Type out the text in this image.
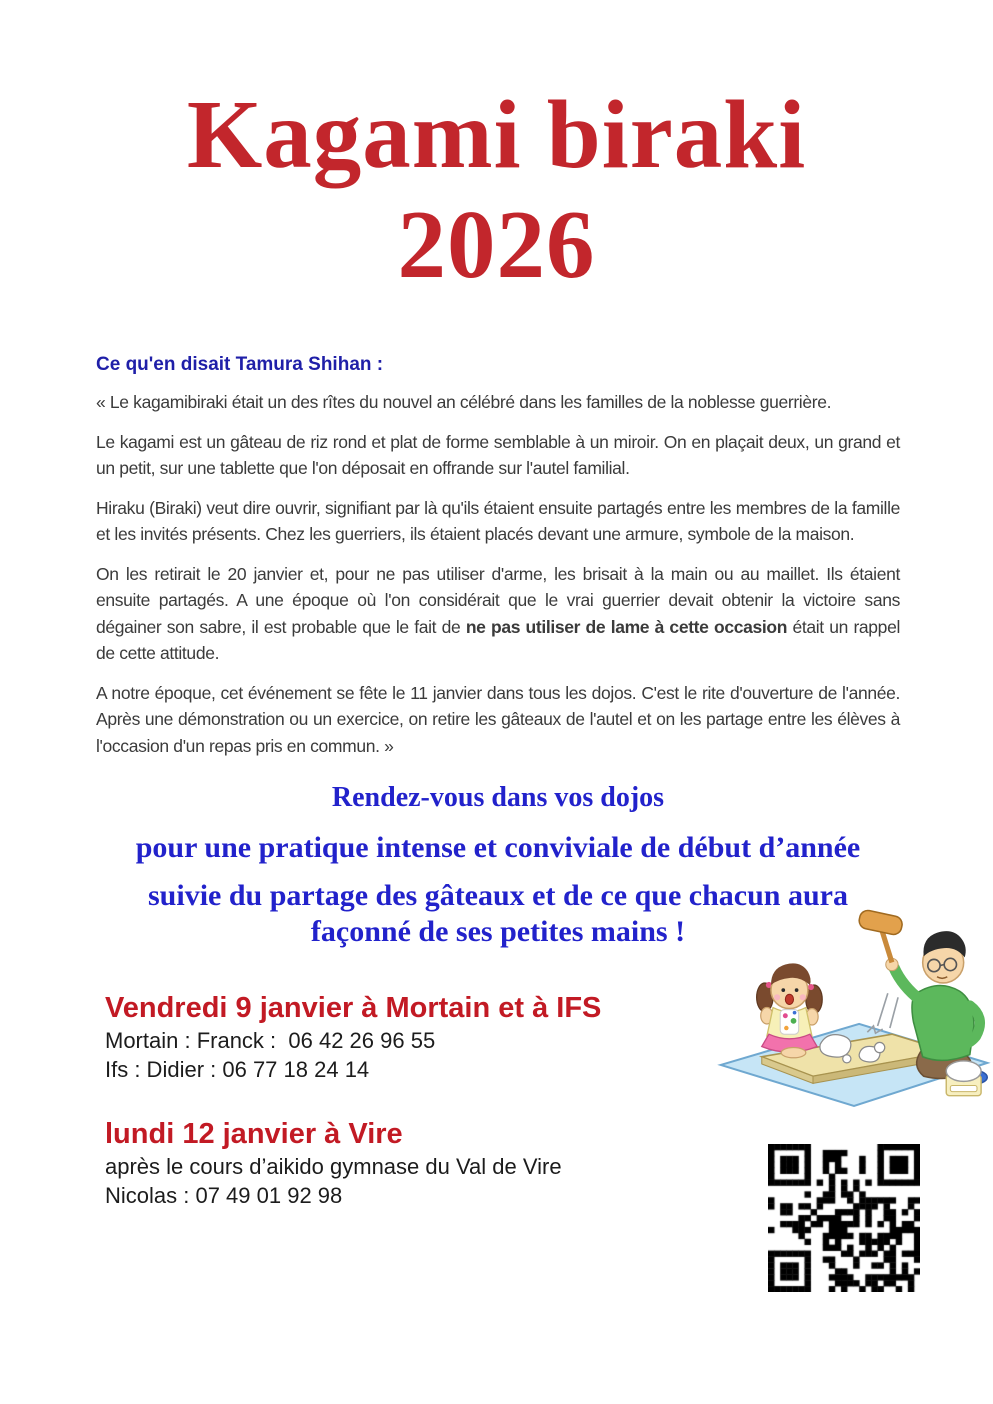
Kagami biraki
2026

Ce qu'en disait Tamura Shihan :

« Le kagamibiraki était un des rîtes du nouvel an célébré dans les familles de la noblesse guerrière.

Le kagami est un gâteau de riz rond et plat de forme semblable à un miroir. On en plaçait deux, un grand et un petit, sur une tablette que l'on déposait en offrande sur l'autel familial.

Hiraku (Biraki) veut dire ouvrir, signifiant par là qu'ils étaient ensuite partagés entre les membres de la famille et les invités présents. Chez les guerriers, ils étaient placés devant une armure, symbole de la maison.

On les retirait le 20 janvier et, pour ne pas utiliser d'arme, les brisait à la main ou au maillet. Ils étaient ensuite partagés. A une époque où l'on considérait que le vrai guerrier devait obtenir la victoire sans dégainer son sabre, il est probable que le fait de ne pas utiliser de lame à cette occasion était un rappel de cette attitude.

A notre époque, cet événement se fête le 11 janvier dans tous les dojos. C'est le rite d'ouverture de l'année. Après une démonstration ou un exercice, on retire les gâteaux de l'autel et on les partage entre les élèves à l'occasion d'un repas pris en commun. »

Rendez-vous dans vos dojos
pour une pratique intense et conviviale de début d’année
suivie du partage des gâteaux et de ce que chacun aura façonné de ses petites mains !

Vendredi 9 janvier à Mortain et à IFS

Mortain : Franck :  06 42 26 96 55

Ifs : Didier : 06 77 18 24 14

lundi 12 janvier à Vire

après le cours d’aikido gymnase du Val de Vire

Nicolas : 07 49 01 92 98
